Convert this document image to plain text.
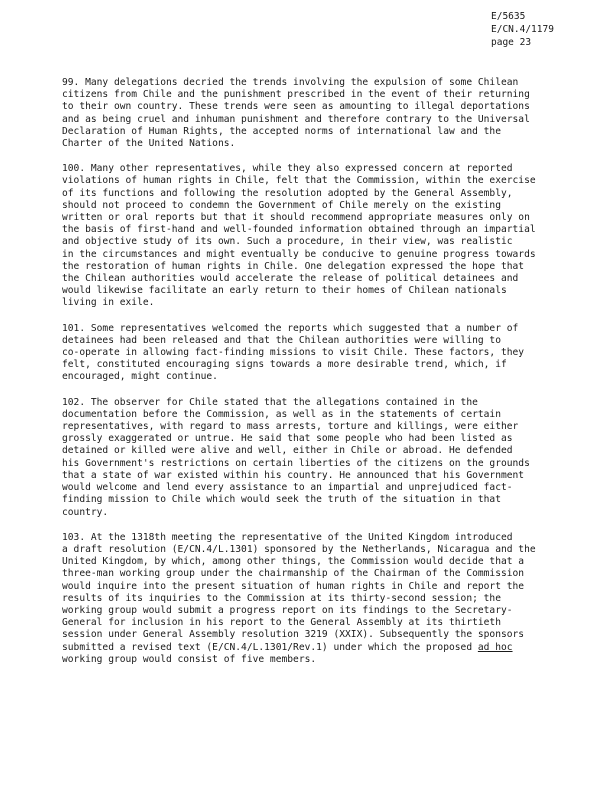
E/5635
E/CN.4/1179
page 23

99. Many delegations decried the trends involving the expulsion of some Chilean
citizens from Chile and the punishment prescribed in the event of their returning
to their own country. These trends were seen as amounting to illegal deportations
and as being cruel and inhuman punishment and therefore contrary to the Universal
Declaration of Human Rights, the accepted norms of international law and the
Charter of the United Nations.

100. Many other representatives, while they also expressed concern at reported
violations of human rights in Chile, felt that the Commission, within the exercise
of its functions and following the resolution adopted by the General Assembly,
should not proceed to condemn the Government of Chile merely on the existing
written or oral reports but that it should recommend appropriate measures only on
the basis of first-hand and well-founded information obtained through an impartial
and objective study of its own. Such a procedure, in their view, was realistic
in the circumstances and might eventually be conducive to genuine progress towards
the restoration of human rights in Chile. One delegation expressed the hope that
the Chilean authorities would accelerate the release of political detainees and
would likewise facilitate an early return to their homes of Chilean nationals
living in exile.

101. Some representatives welcomed the reports which suggested that a number of
detainees had been released and that the Chilean authorities were willing to
co-operate in allowing fact-finding missions to visit Chile. These factors, they
felt, constituted encouraging signs towards a more desirable trend, which, if
encouraged, might continue.

102. The observer for Chile stated that the allegations contained in the
documentation before the Commission, as well as in the statements of certain
representatives, with regard to mass arrests, torture and killings, were either
grossly exaggerated or untrue. He said that some people who had been listed as
detained or killed were alive and well, either in Chile or abroad. He defended
his Government's restrictions on certain liberties of the citizens on the grounds
that a state of war existed within his country. He announced that his Government
would welcome and lend every assistance to an impartial and unprejudiced fact-
finding mission to Chile which would seek the truth of the situation in that
country.

103. At the 1318th meeting the representative of the United Kingdom introduced
a draft resolution (E/CN.4/L.1301) sponsored by the Netherlands, Nicaragua and the
United Kingdom, by which, among other things, the Commission would decide that a
three-man working group under the chairmanship of the Chairman of the Commission
would inquire into the present situation of human rights in Chile and report the
results of its inquiries to the Commission at its thirty-second session; the
working group would submit a progress report on its findings to the Secretary-
General for inclusion in his report to the General Assembly at its thirtieth
session under General Assembly resolution 3219 (XXIX). Subsequently the sponsors
submitted a revised text (E/CN.4/L.1301/Rev.1) under which the proposed ad hoc
working group would consist of five members.
